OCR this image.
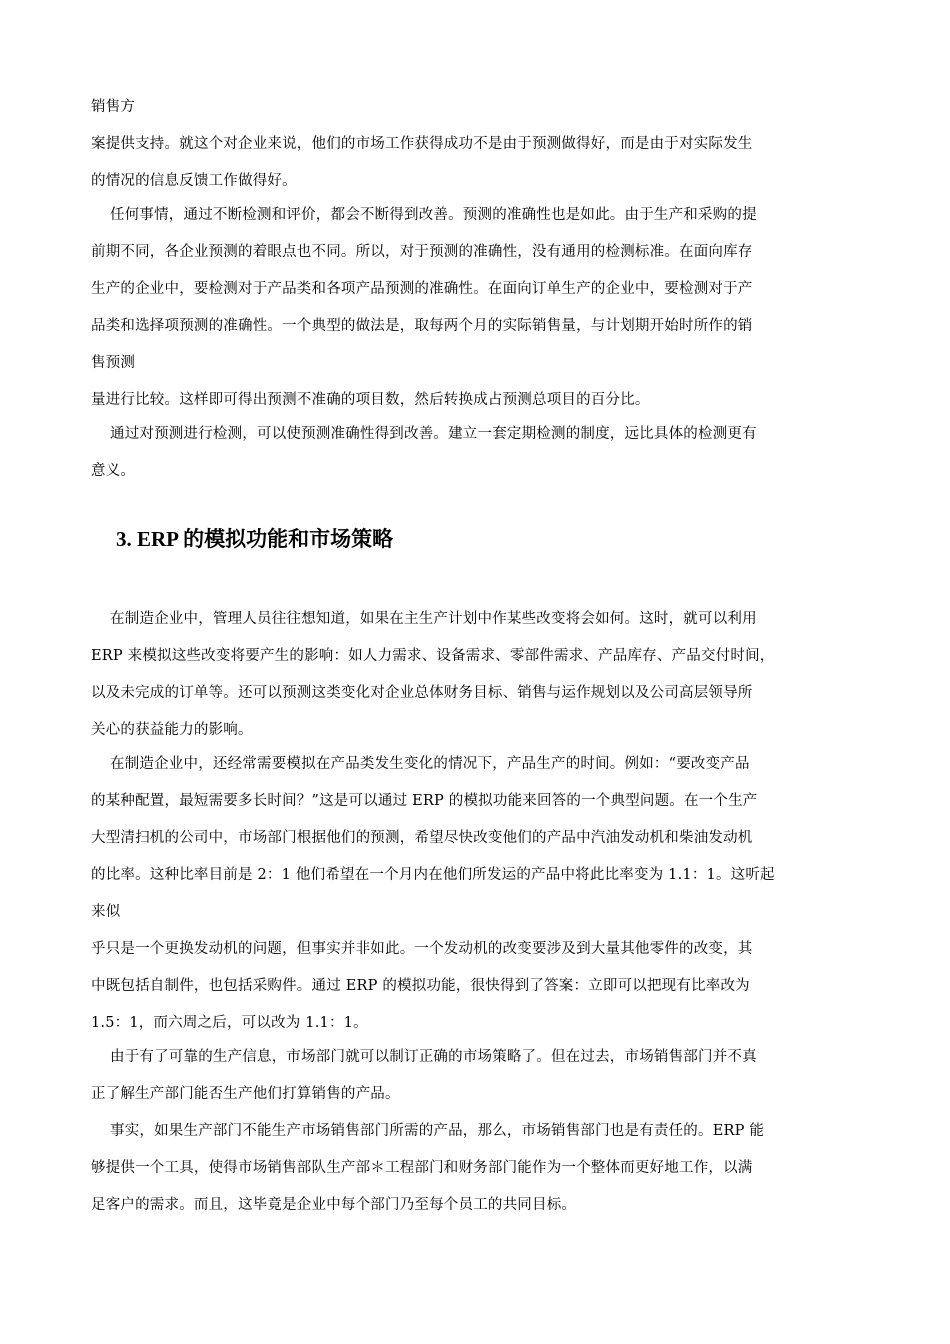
销售方

案提供支持。就这个对企业来说，他们的市场工作获得成功不是由于预测做得好，而是由于对实际发生

的情况的信息反馈工作做得好。

任何事情，通过不断检测和评价，都会不断得到改善。预测的准确性也是如此。由于生产和采购的提

前期不同，各企业预测的着眼点也不同。所以，对于预测的准确性，没有通用的检测标准。在面向库存

生产的企业中，要检测对于产品类和各项产品预测的准确性。在面向订单生产的企业中，要检测对于产

品类和选择项预测的准确性。一个典型的做法是，取每两个月的实际销售量，与计划期开始时所作的销

售预测

量进行比较。这样即可得出预测不准确的项目数，然后转换成占预测总项目的百分比。

通过对预测进行检测，可以使预测准确性得到改善。建立一套定期检测的制度，远比具体的检测更有

意义。

3. ERP 的模拟功能和市场策略

在制造企业中，管理人员往往想知道，如果在主生产计划中作某些改变将会如何。这时，就可以利用

ERP 来模拟这些改变将要产生的影响：如人力需求、设备需求、零部件需求、产品库存、产品交付时间，

以及未完成的订单等。还可以预测这类变化对企业总体财务目标、销售与运作规划以及公司高层领导所

关心的获益能力的影响。

在制造企业中，还经常需要模拟在产品类发生变化的情况下，产品生产的时间。例如：“要改变产品

的某种配置，最短需要多长时间？”这是可以通过 ERP 的模拟功能来回答的一个典型问题。在一个生产

大型清扫机的公司中，市场部门根据他们的预测，希望尽快改变他们的产品中汽油发动机和柴油发动机

的比率。这种比率目前是 2：1 他们希望在一个月内在他们所发运的产品中将此比率变为 1.1：1。这听起

来似

乎只是一个更换发动机的问题，但事实并非如此。一个发动机的改变要涉及到大量其他零件的改变，其

中既包括自制件，也包括采购件。通过 ERP 的模拟功能，很快得到了答案：立即可以把现有比率改为

1.5：1，而六周之后，可以改为 1.1：1。

由于有了可靠的生产信息，市场部门就可以制订正确的市场策略了。但在过去，市场销售部门并不真

正了解生产部门能否生产他们打算销售的产品。

事实，如果生产部门不能生产市场销售部门所需的产品，那么，市场销售部门也是有责任的。ERP 能

够提供一个工具，使得市场销售部队生产部＊工程部门和财务部门能作为一个整体而更好地工作，以满

足客户的需求。而且，这毕竟是企业中每个部门乃至每个员工的共同目标。
